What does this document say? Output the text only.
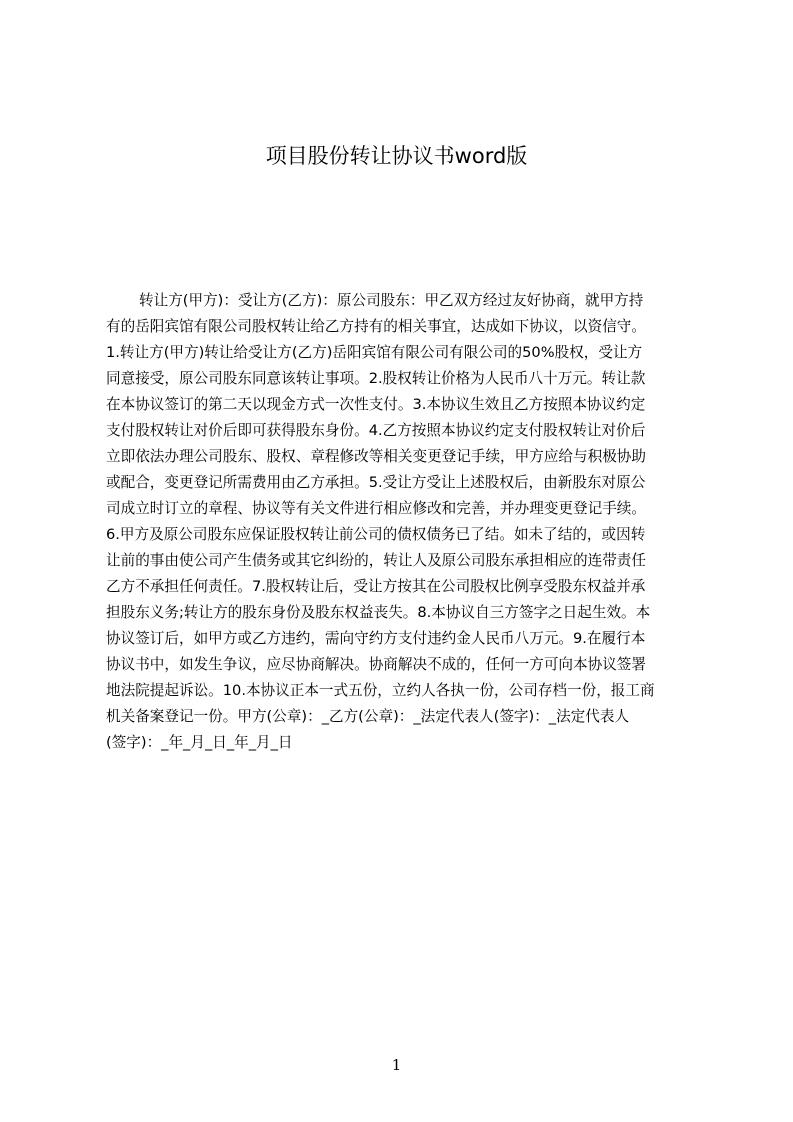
项目股份转让协议书word版
转让方(甲方)：受让方(乙方)：原公司股东：甲乙双方经过友好协商，就甲方持
有的岳阳宾馆有限公司股权转让给乙方持有的相关事宜，达成如下协议，以资信守。
1.转让方(甲方)转让给受让方(乙方)岳阳宾馆有限公司有限公司的50%股权，受让方
同意接受，原公司股东同意该转让事项。2.股权转让价格为人民币八十万元。转让款
在本协议签订的第二天以现金方式一次性支付。3.本协议生效且乙方按照本协议约定
支付股权转让对价后即可获得股东身份。4.乙方按照本协议约定支付股权转让对价后
立即依法办理公司股东、股权、章程修改等相关变更登记手续，甲方应给与积极协助
或配合，变更登记所需费用由乙方承担。5.受让方受让上述股权后，由新股东对原公
司成立时订立的章程、协议等有关文件进行相应修改和完善，并办理变更登记手续。
6.甲方及原公司股东应保证股权转让前公司的债权债务已了结。如未了结的，或因转
让前的事由使公司产生债务或其它纠纷的，转让人及原公司股东承担相应的连带责任
乙方不承担任何责任。7.股权转让后，受让方按其在公司股权比例享受股东权益并承
担股东义务;转让方的股东身份及股东权益丧失。8.本协议自三方签字之日起生效。本
协议签订后，如甲方或乙方违约，需向守约方支付违约金人民币八万元。9.在履行本
协议书中，如发生争议，应尽协商解决。协商解决不成的，任何一方可向本协议签署
地法院提起诉讼。10.本协议正本一式五份，立约人各执一份，公司存档一份，报工商
机关备案登记一份。甲方(公章)：_乙方(公章)：_法定代表人(签字)：_法定代表人
(签字)：_年_月_日_年_月_日
1
